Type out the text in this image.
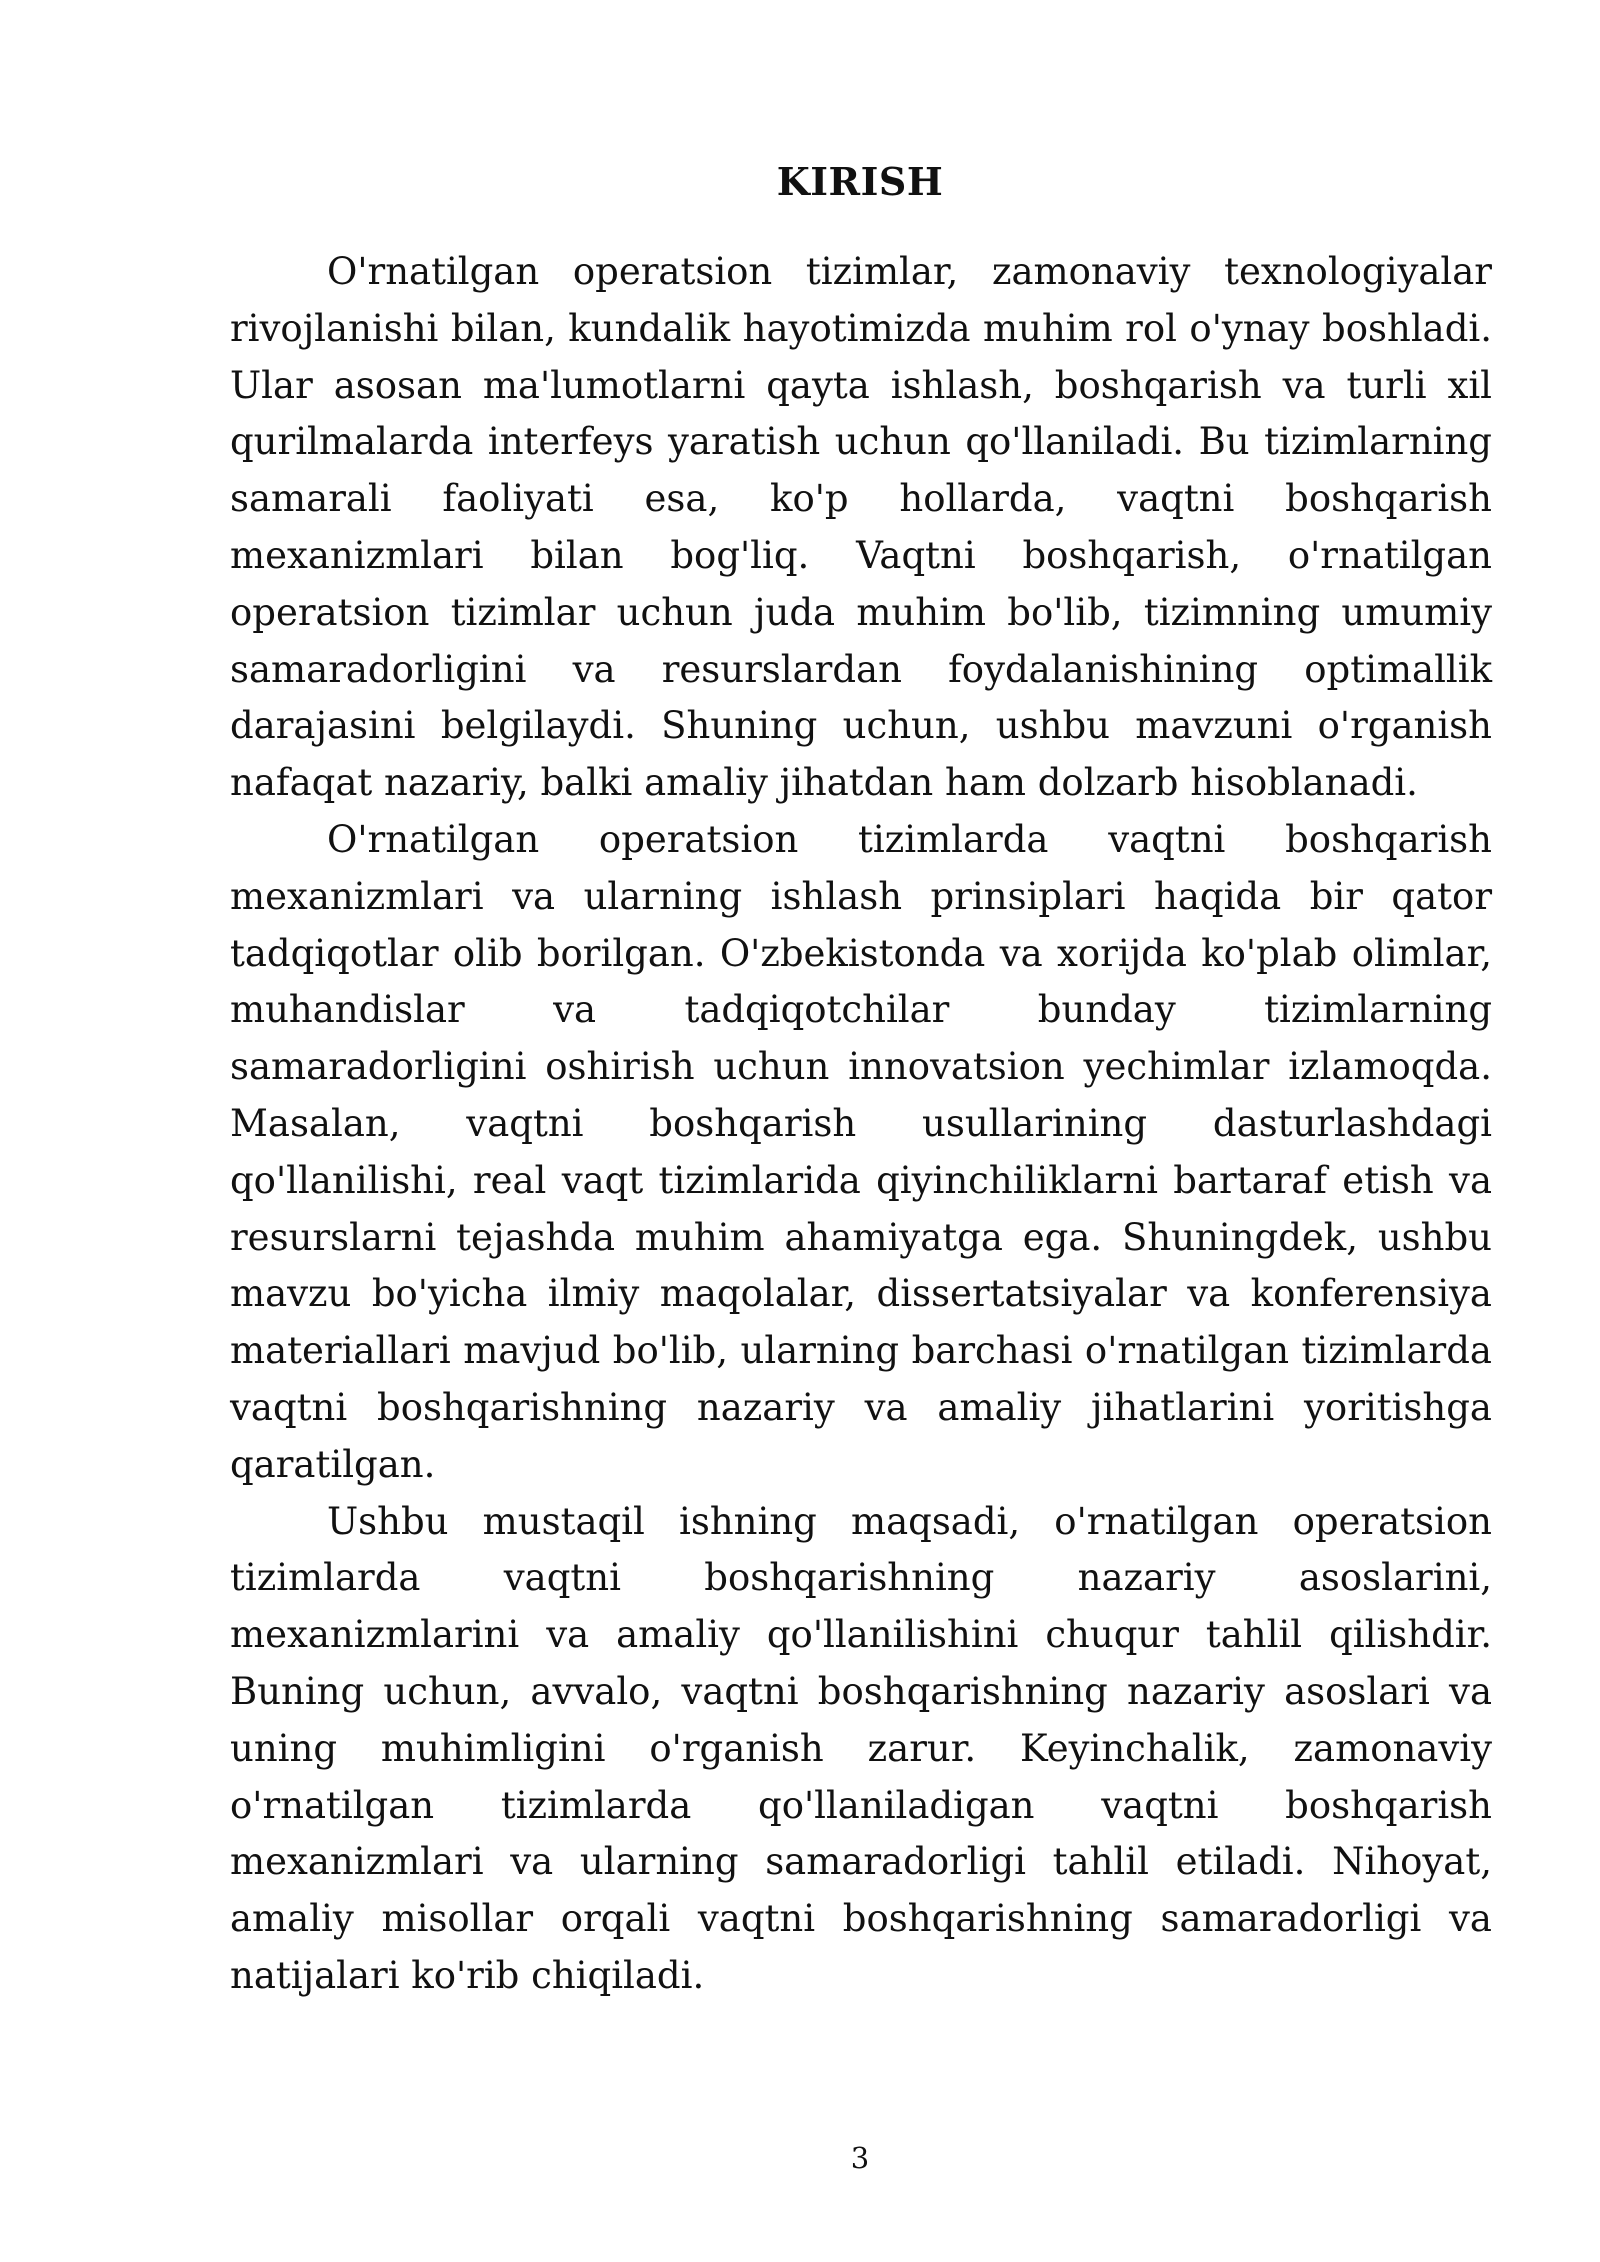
KIRISH

O'rnatilgan operatsion tizimlar, zamonaviy texnologiyalar rivojlanishi bilan, kundalik hayotimizda muhim rol o'ynay boshladi. Ular asosan ma'lumotlarni qayta ishlash, boshqarish va turli xil qurilmalarda interfeys yaratish uchun qo'llaniladi. Bu tizimlarning samarali faoliyati esa, ko'p hollarda, vaqtni boshqarish mexanizmlari bilan bog'liq. Vaqtni boshqarish, o'rnatilgan operatsion tizimlar uchun juda muhim bo'lib, tizimning umumiy samaradorligini va resurslardan foydalanishining optimallik darajasini belgilaydi. Shuning uchun, ushbu mavzuni o'rganish nafaqat nazariy, balki amaliy jihatdan ham dolzarb hisoblanadi.

O'rnatilgan operatsion tizimlarda vaqtni boshqarish mexanizmlari va ularning ishlash prinsiplari haqida bir qator tadqiqotlar olib borilgan. O'zbekistonda va xorijda ko'plab olimlar, muhandislar va tadqiqotchilar bunday tizimlarning samaradorligini oshirish uchun innovatsion yechimlar izlamoqda. Masalan, vaqtni boshqarish usullarining dasturlashdagi qo'llanilishi, real vaqt tizimlarida qiyinchiliklarni bartaraf etish va resurslarni tejashda muhim ahamiyatga ega. Shuningdek, ushbu mavzu bo'yicha ilmiy maqolalar, dissertatsiyalar va konferensiya materiallari mavjud bo'lib, ularning barchasi o'rnatilgan tizimlarda vaqtni boshqarishning nazariy va amaliy jihatlarini yoritishga qaratilgan.

Ushbu mustaqil ishning maqsadi, o'rnatilgan operatsion tizimlarda vaqtni boshqarishning nazariy asoslarini, mexanizmlarini va amaliy qo'llanilishini chuqur tahlil qilishdir. Buning uchun, avvalo, vaqtni boshqarishning nazariy asoslari va uning muhimligini o'rganish zarur. Keyinchalik, zamonaviy o'rnatilgan tizimlarda qo'llaniladigan vaqtni boshqarish mexanizmlari va ularning samaradorligi tahlil etiladi. Nihoyat, amaliy misollar orqali vaqtni boshqarishning samaradorligi va natijalari ko'rib chiqiladi.

3
